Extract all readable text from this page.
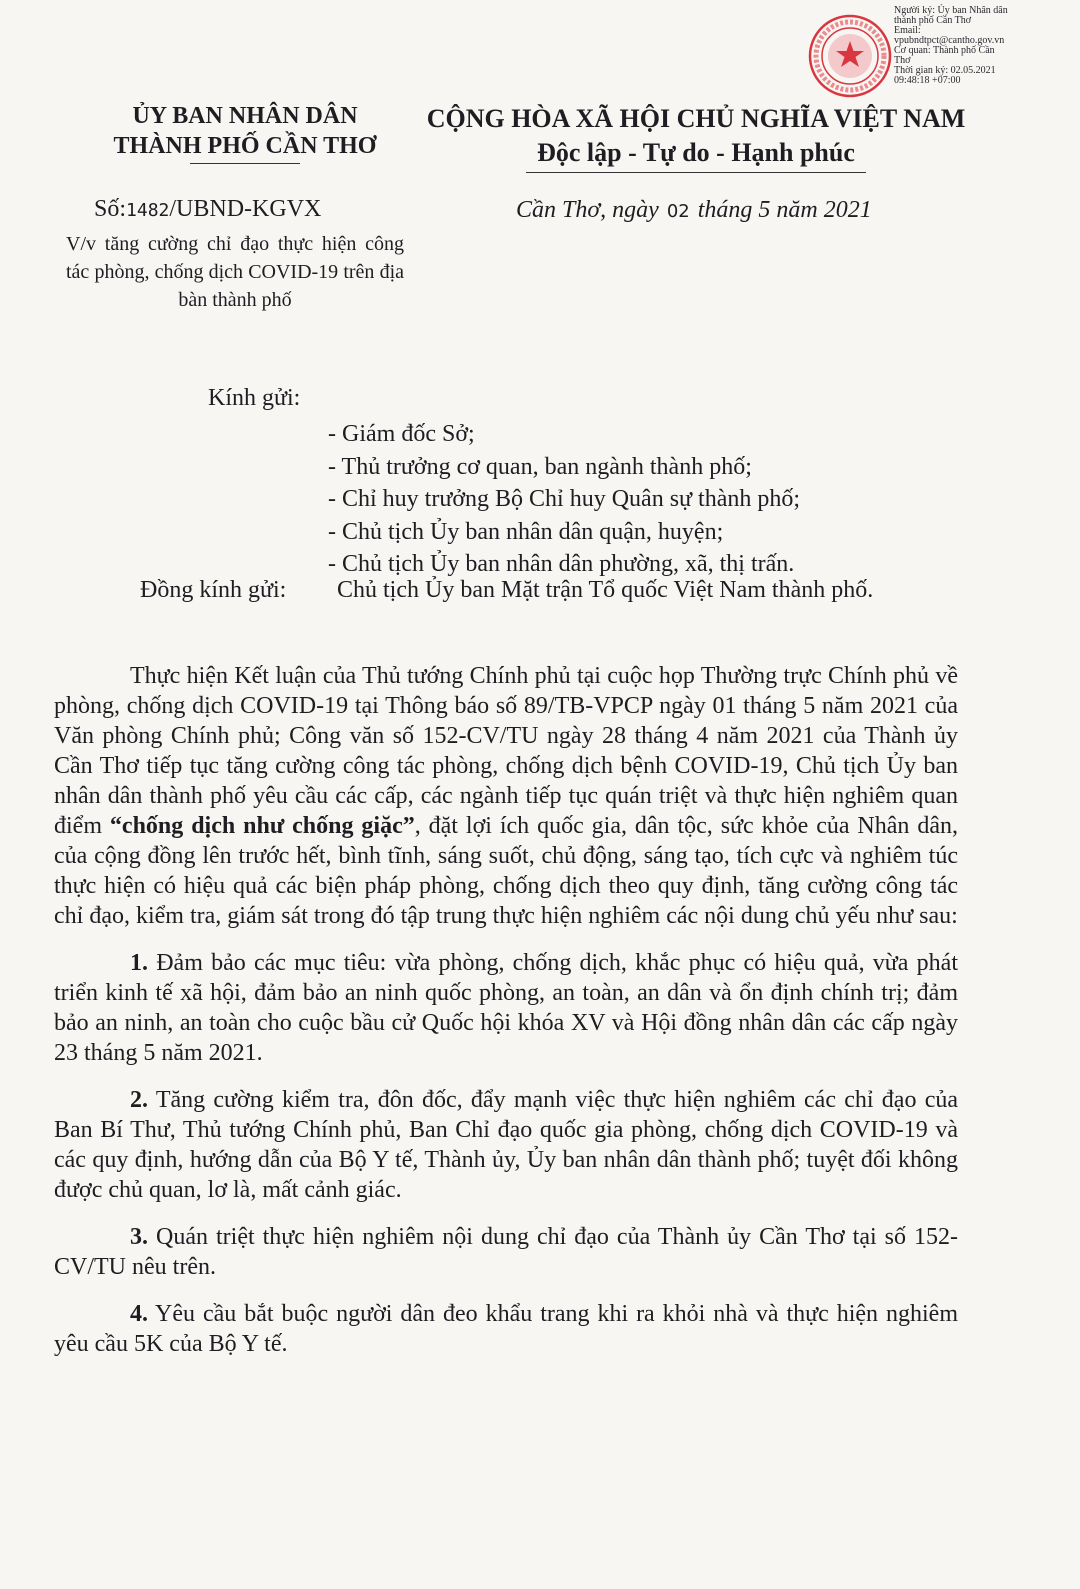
Người ký: Ủy ban Nhân dân
thành phố Cần Thơ
Email:
vpubndtpct@cantho.gov.vn
Cơ quan: Thành phố Cần
Thơ
Thời gian ký: 02.05.2021
09:48:18 +07:00
ỦY BAN NHÂN DÂN
THÀNH PHỐ CẦN THƠ
CỘNG HÒA XÃ HỘI CHỦ NGHĨA VIỆT NAM
Độc lập - Tự do - Hạnh phúc
Số:1482/UBND-KGVX	Cần Thơ, ngày 02 tháng 5 năm 2021
V/v tăng cường chỉ đạo thực hiện công tác phòng, chống dịch COVID-19 trên địa bàn thành phố
Kính gửi:
- Giám đốc Sở;
- Thủ trưởng cơ quan, ban ngành thành phố;
- Chỉ huy trưởng Bộ Chỉ huy Quân sự thành phố;
- Chủ tịch Ủy ban nhân dân quận, huyện;
- Chủ tịch Ủy ban nhân dân phường, xã, thị trấn.
Đồng kính gửi: Chủ tịch Ủy ban Mặt trận Tổ quốc Việt Nam thành phố.

Thực hiện Kết luận của Thủ tướng Chính phủ tại cuộc họp Thường trực Chính phủ về phòng, chống dịch COVID-19 tại Thông báo số 89/TB-VPCP ngày 01 tháng 5 năm 2021 của Văn phòng Chính phủ; Công văn số 152-CV/TU ngày 28 tháng 4 năm 2021 của Thành ủy Cần Thơ tiếp tục tăng cường công tác phòng, chống dịch bệnh COVID-19, Chủ tịch Ủy ban nhân dân thành phố yêu cầu các cấp, các ngành tiếp tục quán triệt và thực hiện nghiêm quan điểm “chống dịch như chống giặc”, đặt lợi ích quốc gia, dân tộc, sức khỏe của Nhân dân, của cộng đồng lên trước hết, bình tĩnh, sáng suốt, chủ động, sáng tạo, tích cực và nghiêm túc thực hiện có hiệu quả các biện pháp phòng, chống dịch theo quy định, tăng cường công tác chỉ đạo, kiểm tra, giám sát trong đó tập trung thực hiện nghiêm các nội dung chủ yếu như sau:

1. Đảm bảo các mục tiêu: vừa phòng, chống dịch, khắc phục có hiệu quả, vừa phát triển kinh tế xã hội, đảm bảo an ninh quốc phòng, an toàn, an dân và ổn định chính trị; đảm bảo an ninh, an toàn cho cuộc bầu cử Quốc hội khóa XV và Hội đồng nhân dân các cấp ngày 23 tháng 5 năm 2021.

2. Tăng cường kiểm tra, đôn đốc, đẩy mạnh việc thực hiện nghiêm các chỉ đạo của Ban Bí Thư, Thủ tướng Chính phủ, Ban Chỉ đạo quốc gia phòng, chống dịch COVID-19 và các quy định, hướng dẫn của Bộ Y tế, Thành ủy, Ủy ban nhân dân thành phố; tuyệt đối không được chủ quan, lơ là, mất cảnh giác.

3. Quán triệt thực hiện nghiêm nội dung chỉ đạo của Thành ủy Cần Thơ tại số 152-CV/TU nêu trên.

4. Yêu cầu bắt buộc người dân đeo khẩu trang khi ra khỏi nhà và thực hiện nghiêm yêu cầu 5K của Bộ Y tế.
